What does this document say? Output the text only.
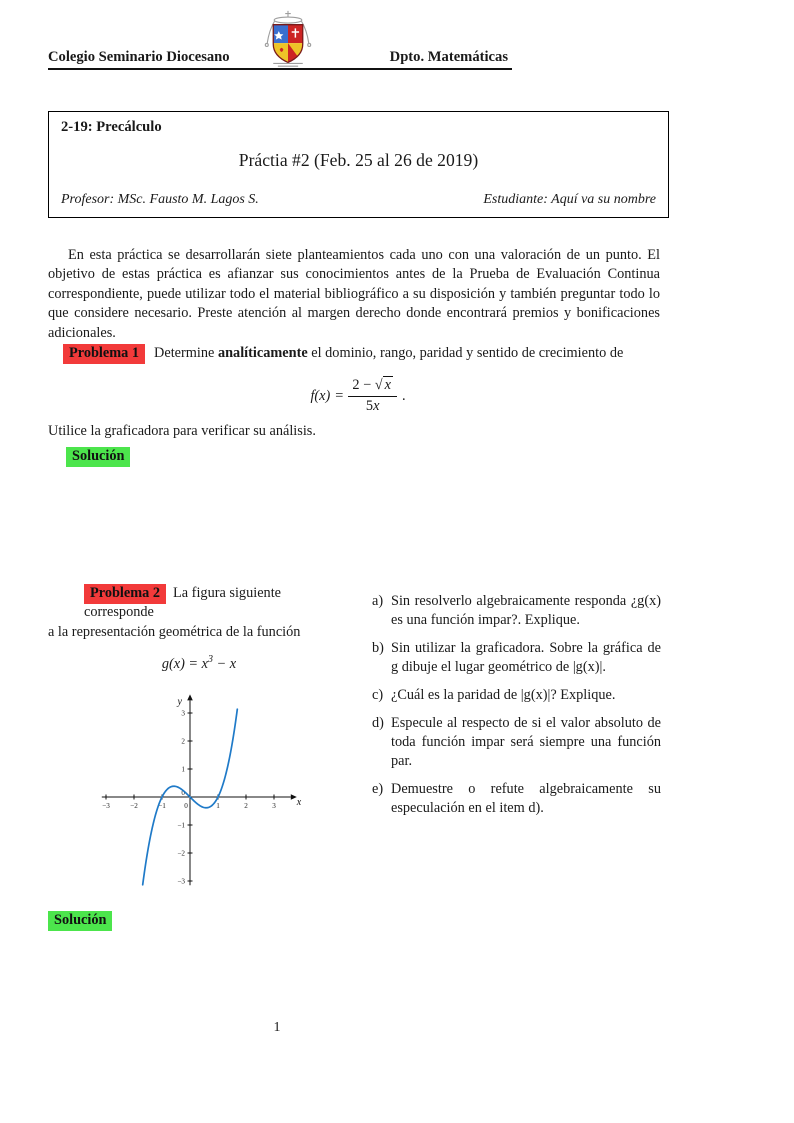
Colegio Seminario Diocesano	Dpto. Matemáticas
2-19: Precálculo
Práctia #2 (Feb. 25 al 26 de 2019)
Profesor: MSc. Fausto M. Lagos S.	Estudiante: Aquí va su nombre
En esta práctica se desarrollarán siete planteamientos cada uno con una valoración de un punto. El objetivo de estas práctica es afianzar sus conocimientos antes de la Prueba de Evaluación Continua correspondiente, puede utilizar todo el material bibliográfico a su disposición y también preguntar todo lo que considere necesario. Preste atención al margen derecho donde encontrará premios y bonificaciones adicionales.
Problema 1 Determine analíticamente el dominio, rango, paridad y sentido de crecimiento de
$f(x) = \frac{2 - √ x}{5x}$ .
Utilice la graficadora para verificar su análisis.
Solución
Problema 2 La figura siguiente corresponde
a la representación geométrica de la función
$g(x) = x^3 - x$
−3	−2	−1	0	1	2	3
−3
−2
−1
0
1
2
3
x
y
a) Sin resolverlo algebraicamente responda ¿g(x) es una función impar?. Explique.
b) Sin utilizar la graficadora. Sobre la gráfica de g dibuje el lugar geométrico de |g(x)|.
c) ¿Cuál es la paridad de |g(x)|? Explique.
d) Especule al respecto de si el valor absoluto de toda función impar será siempre una función par.
e) Demuestre o refute algebraicamente su especulación en el item d).
Solución
1
